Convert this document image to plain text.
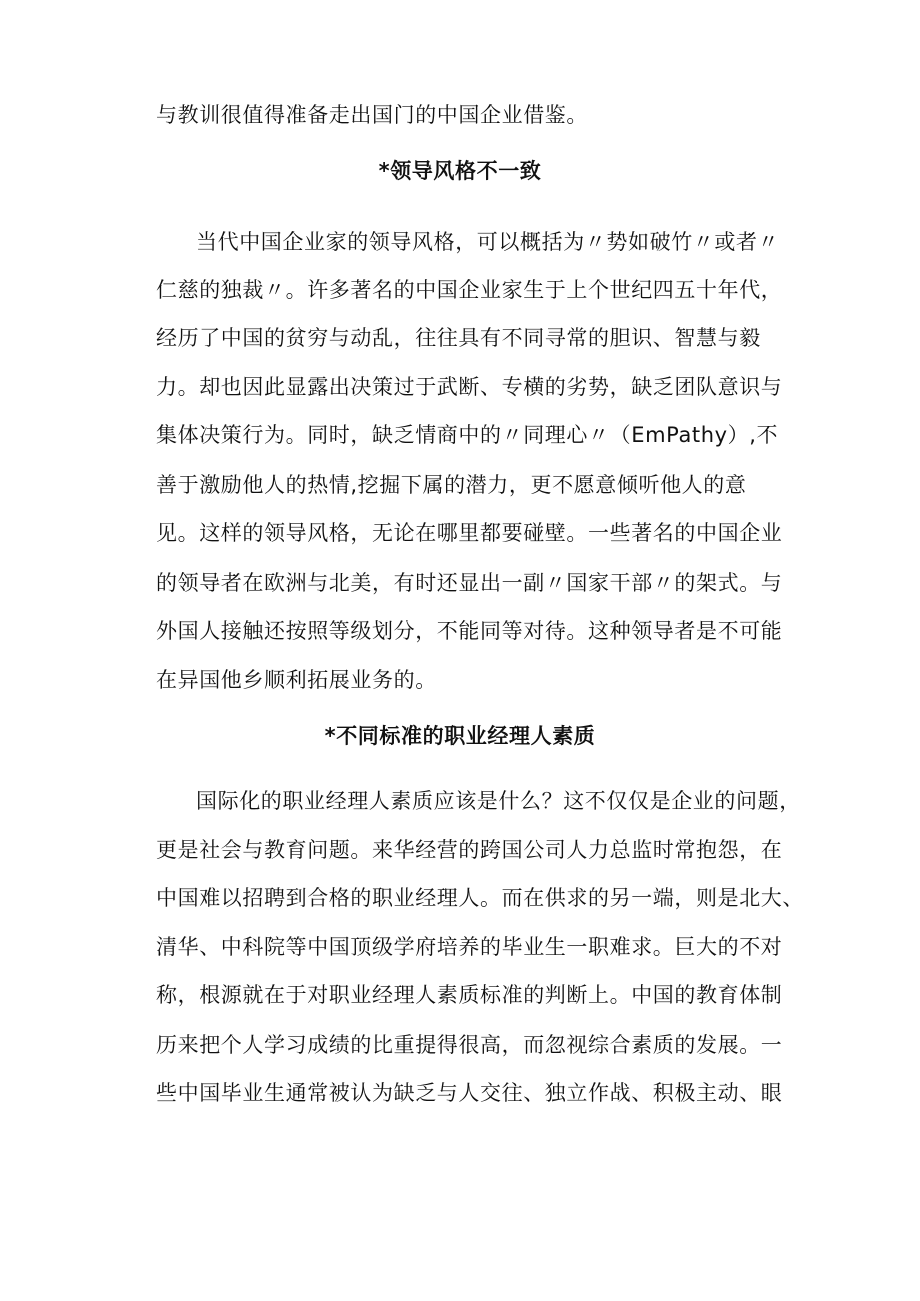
与教训很值得准备走出国门的中国企业借鉴。
*领导风格不一致
当代中国企业家的领导风格，可以概括为〃势如破竹〃或者〃
仁慈的独裁〃。许多著名的中国企业家生于上个世纪四五十年代，
经历了中国的贫穷与动乱，往往具有不同寻常的胆识、智慧与毅
力。却也因此显露出决策过于武断、专横的劣势，缺乏团队意识与
集体决策行为。同时，缺乏情商中的〃同理心〃（EmPathy）,不
善于激励他人的热情,挖掘下属的潜力，更不愿意倾听他人的意
见。这样的领导风格，无论在哪里都要碰壁。一些著名的中国企业
的领导者在欧洲与北美，有时还显出一副〃国家干部〃的架式。与
外国人接触还按照等级划分，不能同等对待。这种领导者是不可能
在异国他乡顺利拓展业务的。
*不同标准的职业经理人素质
国际化的职业经理人素质应该是什么？这不仅仅是企业的问题，
更是社会与教育问题。来华经营的跨国公司人力总监时常抱怨，在
中国难以招聘到合格的职业经理人。而在供求的另一端，则是北大、
清华、中科院等中国顶级学府培养的毕业生一职难求。巨大的不对
称，根源就在于对职业经理人素质标准的判断上。中国的教育体制
历来把个人学习成绩的比重提得很高，而忽视综合素质的发展。一
些中国毕业生通常被认为缺乏与人交往、独立作战、积极主动、眼
